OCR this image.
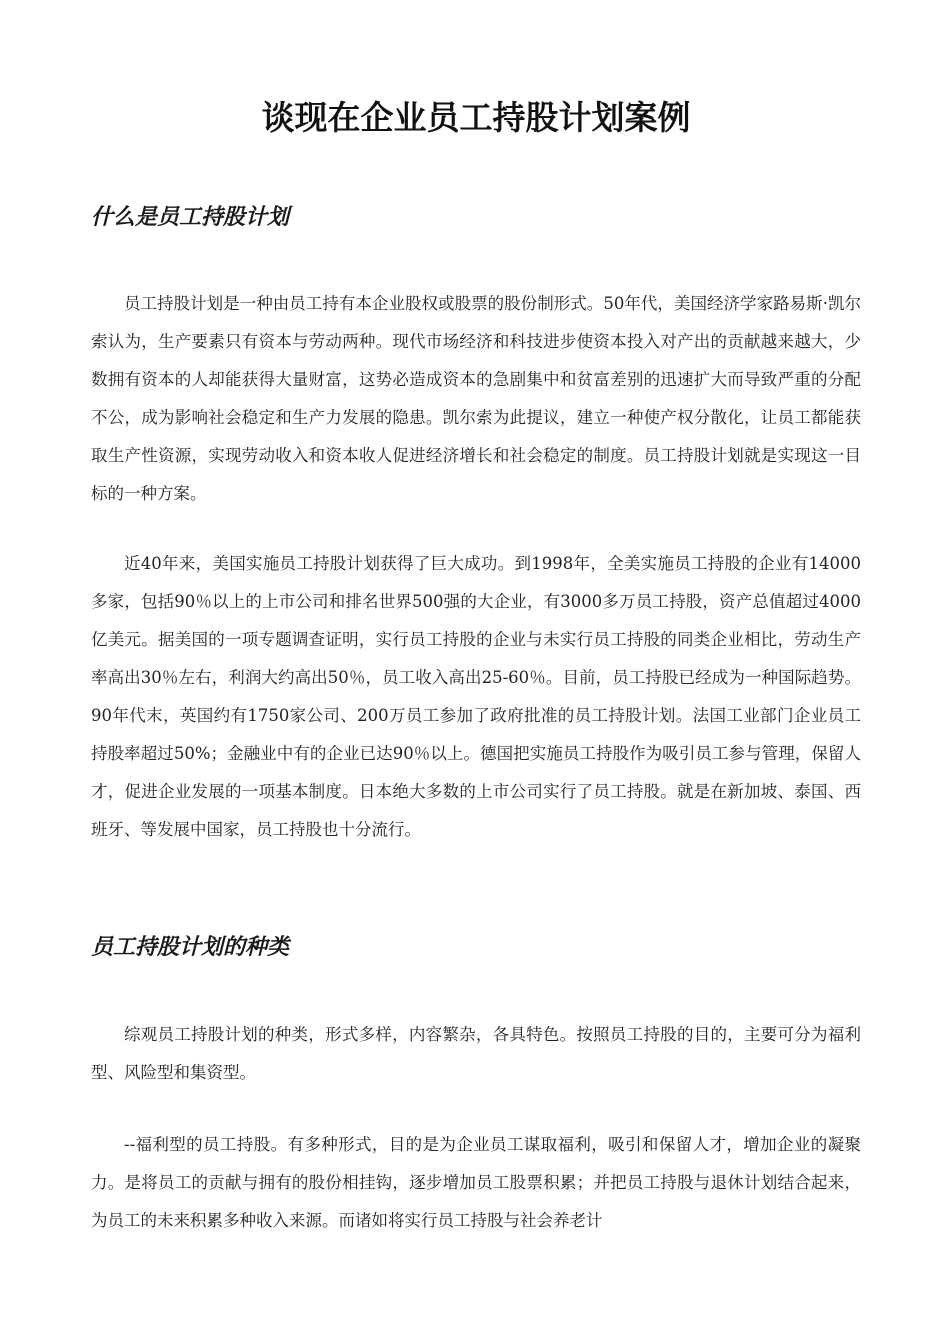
谈现在企业员工持股计划案例
什么是员工持股计划

员工持股计划是一种由员工持有本企业股权或股票的股份制形式。50年代，美国经济学家路易斯·凯尔索认为，生产要素只有资本与劳动两种。现代市场经济和科技进步使资本投入对产出的贡献越来越大，少数拥有资本的人却能获得大量财富，这势必造成资本的急剧集中和贫富差别的迅速扩大而导致严重的分配不公，成为影响社会稳定和生产力发展的隐患。凯尔索为此提议，建立一种使产权分散化，让员工都能获取生产性资源，实现劳动收入和资本收人促进经济增长和社会稳定的制度。员工持股计划就是实现这一目标的一种方案。

近40年来，美国实施员工持股计划获得了巨大成功。到1998年，全美实施员工持股的企业有14000多家，包括90％以上的上市公司和排名世界500强的大企业，有3000多万员工持股，资产总值超过4000亿美元。据美国的一项专题调查证明，实行员工持股的企业与未实行员工持股的同类企业相比，劳动生产率高出30％左右，利润大约高出50％，员工收入高出25-60％。目前，员工持股已经成为一种国际趋势。90年代末，英国约有1750家公司、200万员工参加了政府批准的员工持股计划。法国工业部门企业员工持股率超过50%；金融业中有的企业已达90％以上。德国把实施员工持股作为吸引员工参与管理，保留人才，促进企业发展的一项基本制度。日本绝大多数的上市公司实行了员工持股。就是在新加坡、泰国、西班牙、等发展中国家，员工持股也十分流行。

员工持股计划的种类

综观员工持股计划的种类，形式多样，内容繁杂，各具特色。按照员工持股的目的，主要可分为福利型、风险型和集资型。

--福利型的员工持股。有多种形式，目的是为企业员工谋取福利，吸引和保留人才，增加企业的凝聚力。是将员工的贡献与拥有的股份相挂钩，逐步增加员工股票积累；并把员工持股与退休计划结合起来，为员工的未来积累多种收入来源。而诸如将实行员工持股与社会养老计
